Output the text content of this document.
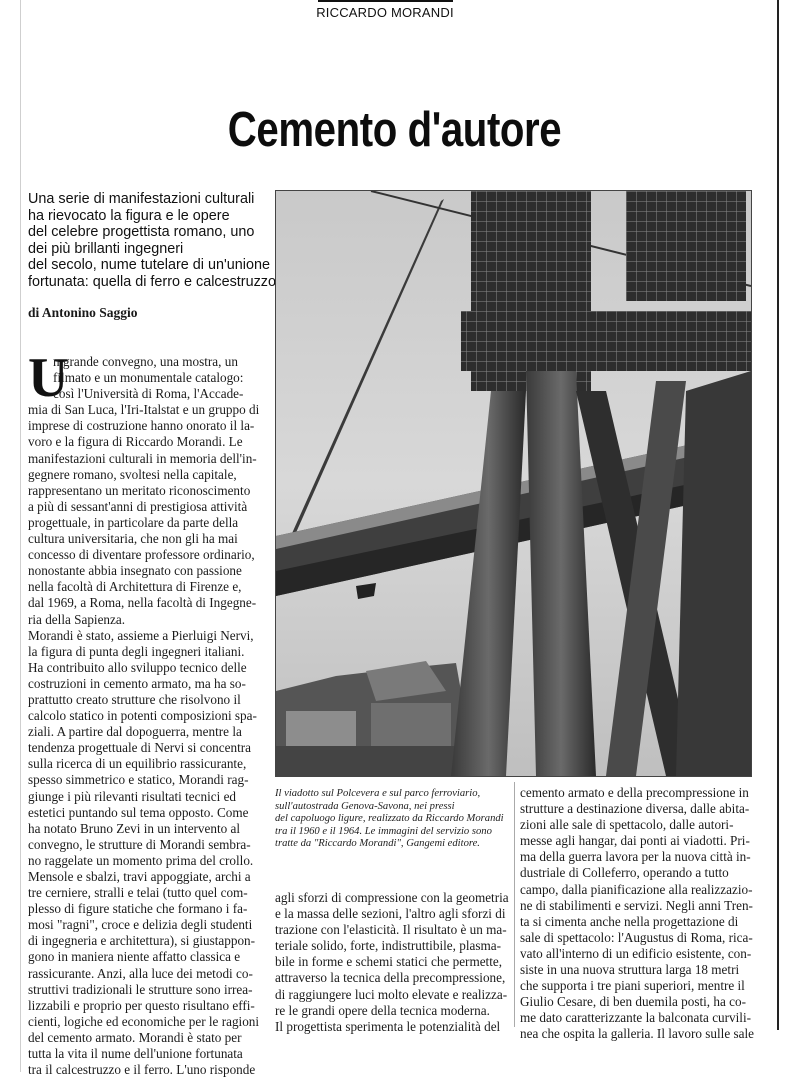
RICCARDO MORANDI
Cemento d'autore
Una serie di manifestazioni culturali
ha rievocato la figura e le opere
del celebre progettista romano, uno
dei più brillanti ingegneri
del secolo, nume tutelare di un'unione
fortunata: quella di ferro e calcestruzzo
di Antonino Saggio
U
n grande convegno, una mostra, un
filmato e un monumentale catalogo:
così l'Università di Roma, l'Accade-
mia di San Luca, l'Iri-Italstat e un gruppo di
imprese di costruzione hanno onorato il la-
voro e la figura di Riccardo Morandi. Le
manifestazioni culturali in memoria dell'in-
gegnere romano, svoltesi nella capitale,
rappresentano un meritato riconoscimento
a più di sessant'anni di prestigiosa attività
progettuale, in particolare da parte della
cultura universitaria, che non gli ha mai
concesso di diventare professore ordinario,
nonostante abbia insegnato con passione
nella facoltà di Architettura di Firenze e,
dal 1969, a Roma, nella facoltà di Ingegne-
ria della Sapienza.
Morandi è stato, assieme a Pierluigi Nervi,
la figura di punta degli ingegneri italiani.
Ha contribuito allo sviluppo tecnico delle
costruzioni in cemento armato, ma ha so-
prattutto creato strutture che risolvono il
calcolo statico in potenti composizioni spa-
ziali. A partire dal dopoguerra, mentre la
tendenza progettuale di Nervi si concentra
sulla ricerca di un equilibrio rassicurante,
spesso simmetrico e statico, Morandi rag-
giunge i più rilevanti risultati tecnici ed
estetici puntando sul tema opposto. Come
ha notato Bruno Zevi in un intervento al
convegno, le strutture di Morandi sembra-
no raggelate un momento prima del crollo.
Mensole e sbalzi, travi appoggiate, archi a
tre cerniere, stralli e telai (tutto quel com-
plesso di figure statiche che formano i fa-
mosi "ragni", croce e delizia degli studenti
di ingegneria e architettura), si giustappon-
gono in maniera niente affatto classica e
rassicurante. Anzi, alla luce dei metodi co-
struttivi tradizionali le strutture sono irrea-
lizzabili e proprio per questo risultano effi-
cienti, logiche ed economiche per le ragioni
del cemento armato. Morandi è stato per
tutta la vita il nume dell'unione fortunata
tra il calcestruzzo e il ferro. L'uno risponde
Il viadotto sul Polcevera e sul parco ferroviario,
sull'autostrada Genova-Savona, nei pressi
del capoluogo ligure, realizzato da Riccardo Morandi
tra il 1960 e il 1964. Le immagini del servizio sono
tratte da "Riccardo Morandi", Gangemi editore.
agli sforzi di compressione con la geometria
e la massa delle sezioni, l'altro agli sforzi di
trazione con l'elasticità. Il risultato è un ma-
teriale solido, forte, indistruttibile, plasma-
bile in forme e schemi statici che permette,
attraverso la tecnica della precompressione,
di raggiungere luci molto elevate e realizza-
re le grandi opere della tecnica moderna.
Il progettista sperimenta le potenzialità del
cemento armato e della precompressione in
strutture a destinazione diversa, dalle abita-
zioni alle sale di spettacolo, dalle autori-
messe agli hangar, dai ponti ai viadotti. Pri-
ma della guerra lavora per la nuova città in-
dustriale di Colleferro, operando a tutto
campo, dalla pianificazione alla realizzazio-
ne di stabilimenti e servizi. Negli anni Tren-
ta si cimenta anche nella progettazione di
sale di spettacolo: l'Augustus di Roma, rica-
vato all'interno di un edificio esistente, con-
siste in una nuova struttura larga 18 metri
che supporta i tre piani superiori, mentre il
Giulio Cesare, di ben duemila posti, ha co-
me dato caratterizzante la balconata curvili-
nea che ospita la galleria. Il lavoro sulle sale
